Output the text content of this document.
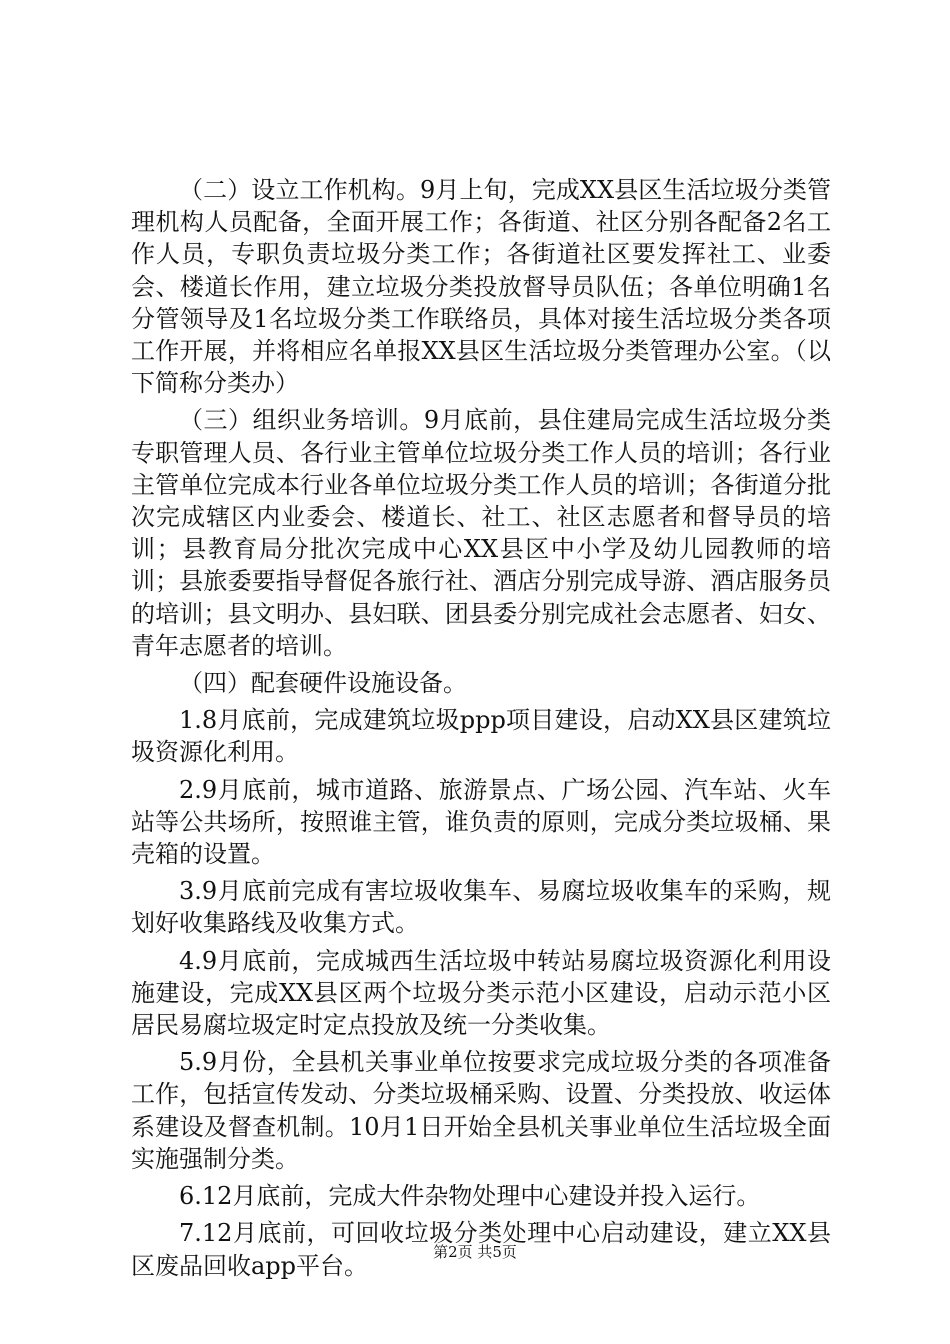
（二）设立工作机构。9月上旬，完成XX县区生活垃圾分类管理机构人员配备，全面开展工作；各街道、社区分别各配备2名工作人员，专职负责垃圾分类工作；各街道社区要发挥社工、业委会、楼道长作用，建立垃圾分类投放督导员队伍；各单位明确1名分管领导及1名垃圾分类工作联络员，具体对接生活垃圾分类各项工作开展，并将相应名单报XX县区生活垃圾分类管理办公室。（以下简称分类办）

（三）组织业务培训。9月底前，县住建局完成生活垃圾分类专职管理人员、各行业主管单位垃圾分类工作人员的培训；各行业主管单位完成本行业各单位垃圾分类工作人员的培训；各街道分批次完成辖区内业委会、楼道长、社工、社区志愿者和督导员的培训；县教育局分批次完成中心XX县区中小学及幼儿园教师的培训；县旅委要指导督促各旅行社、酒店分别完成导游、酒店服务员的培训；县文明办、县妇联、团县委分别完成社会志愿者、妇女、青年志愿者的培训。

（四）配套硬件设施设备。

1.8月底前，完成建筑垃圾ppp项目建设，启动XX县区建筑垃圾资源化利用。

2.9月底前，城市道路、旅游景点、广场公园、汽车站、火车站等公共场所，按照谁主管，谁负责的原则，完成分类垃圾桶、果壳箱的设置。

3.9月底前完成有害垃圾收集车、易腐垃圾收集车的采购，规划好收集路线及收集方式。

4.9月底前，完成城西生活垃圾中转站易腐垃圾资源化利用设施建设，完成XX县区两个垃圾分类示范小区建设，启动示范小区居民易腐垃圾定时定点投放及统一分类收集。

5.9月份，全县机关事业单位按要求完成垃圾分类的各项准备工作，包括宣传发动、分类垃圾桶采购、设置、分类投放、收运体系建设及督查机制。10月1日开始全县机关事业单位生活垃圾全面实施强制分类。

6.12月底前，完成大件杂物处理中心建设并投入运行。

7.12月底前，可回收垃圾分类处理中心启动建设，建立XX县区废品回收app平台。	第2页 共5页
